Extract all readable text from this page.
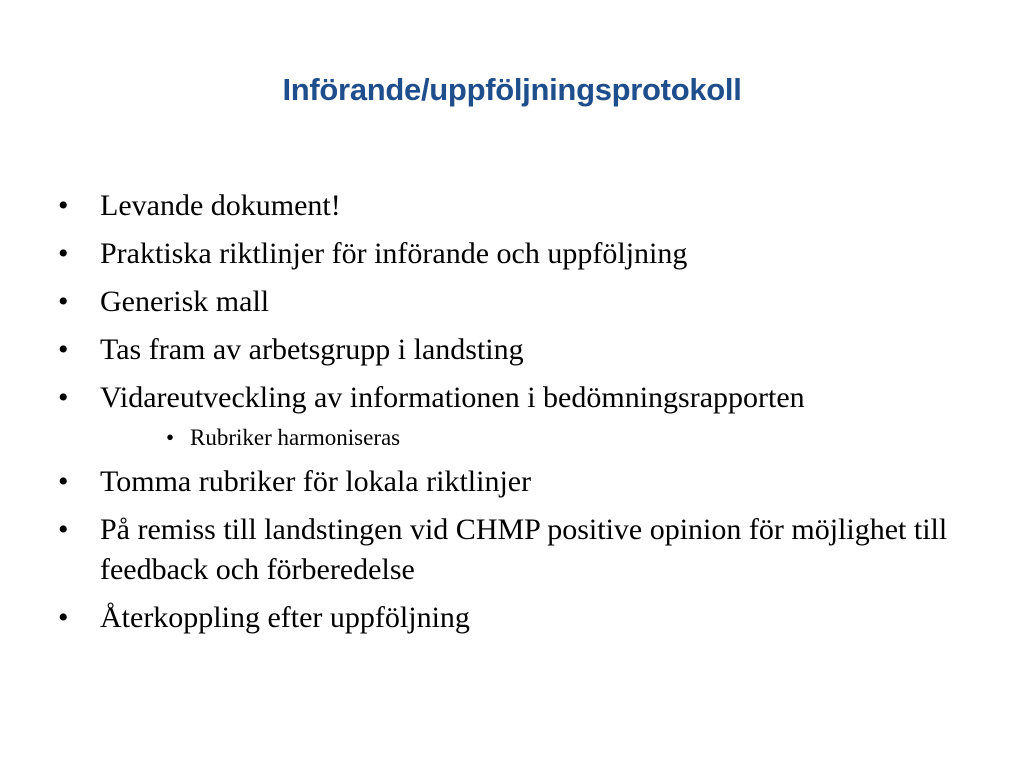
Införande/uppföljningsprotokoll
•	Levande dokument!
•	Praktiska riktlinjer för införande och uppföljning
•	Generisk mall
•	Tas fram av arbetsgrupp i landsting
•	Vidareutveckling av informationen i bedömningsrapporten
• Rubriker harmoniseras
•	Tomma rubriker för lokala riktlinjer
•	På remiss till landstingen vid CHMP positive opinion för möjlighet till feedback och förberedelse
•	Återkoppling efter uppföljning
